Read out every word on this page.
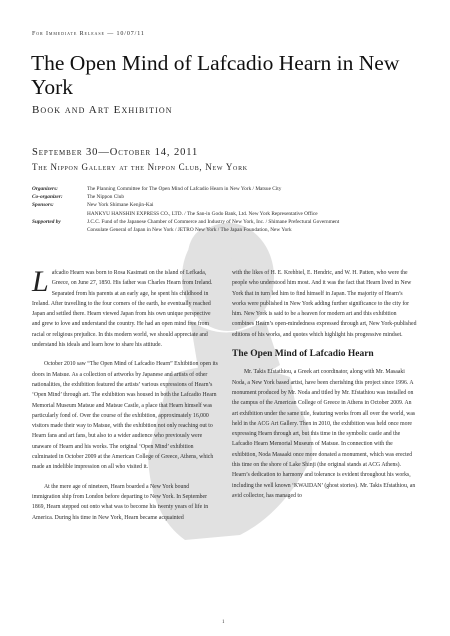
For Immediate Release — 10/07/11
The Open Mind of Lafcadio Hearn in New York
Book and Art Exhibition
September 30—October 14, 2011
The Nippon Gallery at the Nippon Club, New York
Organizers:	The Planning Committee for The Open Mind of Lafcadio Hearn in New York / Matsue City
Co-organizer:	The Nippon Club
Sponsors:	New York Shimane Kenjin-Kai
HANKYU HANSHIN EXPRESS CO., LTD. / The San-in Godo Bank, Ltd. New York Representative Office
Supported by	J.C.C. Fund of the Japanese Chamber of Commerce and Industry of New York, Inc. / Shimane Prefectural Government
Consulate General of Japan in New York / JETRO New York / The Japan Foundation, New York

Lafcadio Hearn was born to Rosa Kasimati on the island of Lefkada, Greece, on June 27, 1850. His father was Charles Hearn from Ireland. Separated from his parents at an early age, he spent his childhood in Ireland. After travelling to the four corners of the earth, he eventually reached Japan and settled there. Hearn viewed Japan from his own unique perspective and grew to love and understand the country. He had an open mind free from racial or religious prejudice. In this modern world, we should appreciate and understand his ideals and learn how to share his attitude.

October 2010 saw “The Open Mind of Lafcadio Hearn” Exhibition open its doors in Matsue. As a collection of artworks by Japanese and artists of other nationalities, the exhibition featured the artists’ various expressions of Hearn’s ‘Open Mind’ through art. The exhibition was housed in both the Lafcadio Hearn Memorial Museum Matsue and Matsue Castle, a place that Hearn himself was particularly fond of. Over the course of the exhibition, approximately 16,000 visitors made their way to Matsue, with the exhibition not only reaching out to Hearn fans and art fans, but also to a wider audience who previously were unaware of Hearn and his works. The original ‘Open Mind’ exhibition culminated in October 2009 at the American College of Greece, Athens, which made an indelible impression on all who visited it.

At the mere age of nineteen, Hearn boarded a New York bound immigration ship from London before departing to New York. In September 1869, Hearn stepped out onto what was to become his twenty years of life in America. During his time in New York, Hearn became acquainted

with the likes of H. E. Krehbiel, E. Hendric, and W. H. Patten, who were the people who understood him most. And it was the fact that Hearn lived in New York that in turn led him to find himself in Japan. The majority of Hearn’s works were published in New York adding further significance to the city for him. New York is said to be a heaven for modern art and this exhibition combines Hearn’s open-mindedness expressed through art, New York-published editions of his works, and quotes which highlight his progressive mindset.

The Open Mind of Lafcadio Hearn

Mr. Takis Efstathiou, a Greek art coordinator, along with Mr. Masaaki Noda, a New York based artist, have been cherishing this project since 1996. A monument produced by Mr. Noda and titled by Mr. Efstathiou was installed on the campus of the American College of Greece in Athens in October 2009. An art exhibition under the same title, featuring works from all over the world, was held in the ACG Art Gallery. Then in 2010, the exhibition was held once more expressing Hearn through art, but this time in the symbolic castle and the Lafcadio Hearn Memorial Museum of Matsue. In connection with the exhibition, Noda Masaaki once more donated a monument, which was erected this time on the shore of Lake Shinji (the original stands at ACG Athens). Hearn’s dedication to harmony and tolerance is evident throughout his works, including the well known ‘KWAIDAN’ (ghost stories). Mr. Takis Efstathiou, an avid collector, has managed to

1
